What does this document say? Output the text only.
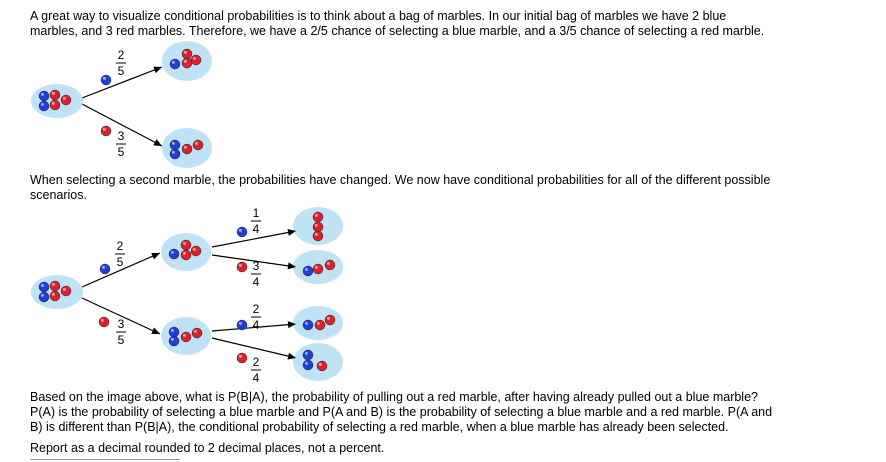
A great way to visualize conditional probabilities is to think about a bag of marbles. In our initial bag of marbles we have 2 blue
marbles, and 3 red marbles. Therefore, we have a 2/5 chance of selecting a blue marble, and a 3/5 chance of selecting a red marble.

2
5
3
5

When selecting a second marble, the probabilities have changed. We now have conditional probabilities for all of the different possible
scenarios.

2
5
3
5
1
4
3
4
2
4
2
4

Based on the image above, what is P(B|A), the probability of pulling out a red marble, after having already pulled out a blue marble?
P(A) is the probability of selecting a blue marble and P(A and B) is the probability of selecting a blue marble and a red marble. P(A and
B) is different than P(B|A), the conditional probability of selecting a red marble, when a blue marble has already been selected.

Report as a decimal rounded to 2 decimal places, not a percent.
